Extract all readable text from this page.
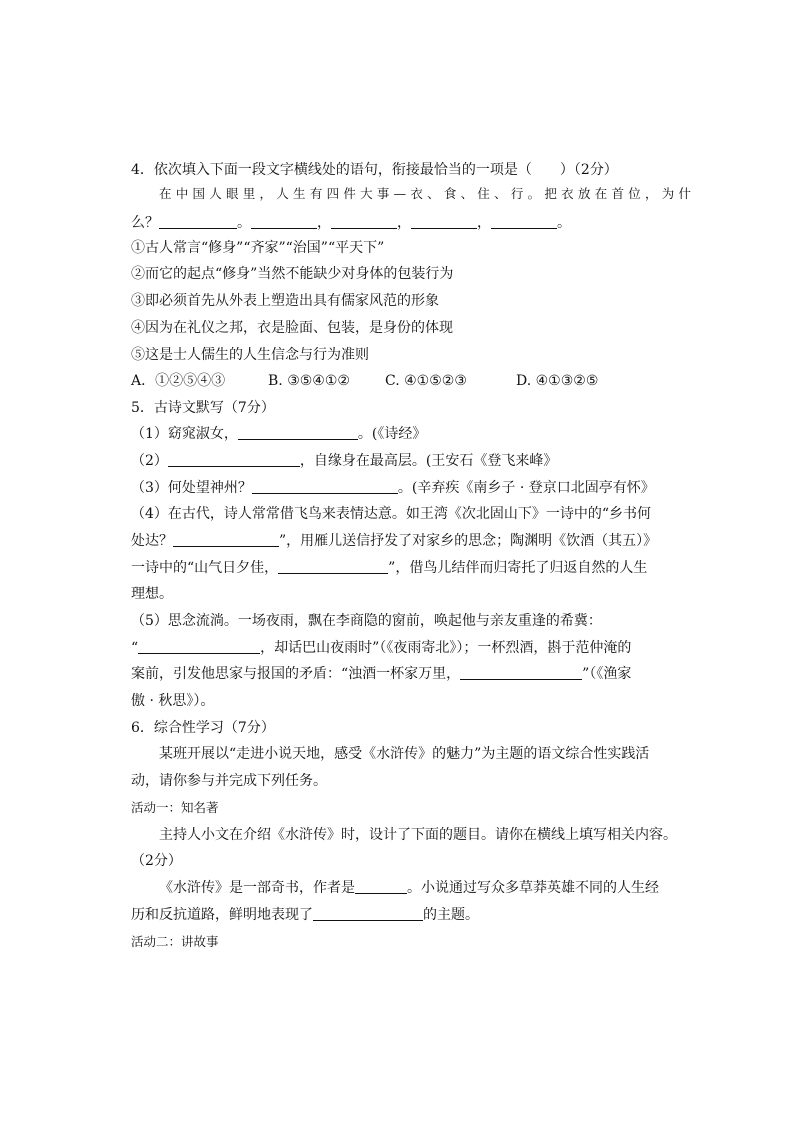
4．依次填入下面一段文字横线处的语句，衔接最恰当的一项是（　　）（2分）
在中国人眼里，人生有四件大事—衣、食、住、行。把衣放在首位，为什
么？	。	，	，	，	。
①古人常言“修身”“齐家”“治国”“平天下”
②而它的起点“修身”当然不能缺少对身体的包装行为
③即必须首先从外表上塑造出具有儒家风范的形象
④因为在礼仪之邦，衣是脸面、包装，是身份的体现
⑤这是士人儒生的人生信念与行为准则
A．①②⑤④③	B. ③⑤④①②	C. ④①⑤②③	D. ④①③②⑤
5．古诗文默写（7分）
（1）窈窕淑女，	。(《诗经》
（2）	，自缘身在最高层。(王安石《登飞来峰》
（3）何处望神州？	。(辛弃疾《南乡子 · 登京口北固亭有怀》
（4）在古代，诗人常常借飞鸟来表情达意。如王湾《次北固山下》一诗中的“乡书何
处达？	”，用雁儿送信抒发了对家乡的思念；陶渊明《饮酒（其五）》
一诗中的“山气日夕佳，	”，借鸟儿结伴而归寄托了归返自然的人生
理想。
（5）思念流淌。一场夜雨，飘在李商隐的窗前，唤起他与亲友重逢的希冀：
“	，却话巴山夜雨时”（《夜雨寄北》）；一杯烈酒，斟于范仲淹的
案前，引发他思家与报国的矛盾：“浊酒一杯家万里，	”（《渔家
傲 · 秋思》）。
6．综合性学习（7分）
某班开展以“走进小说天地，感受《水浒传》的魅力”为主题的语文综合性实践活
动，请你参与并完成下列任务。
活动一：知名著
主持人小文在介绍《水浒传》时，设计了下面的题目。请你在横线上填写相关内容。
（2分）
《水浒传》是一部奇书，作者是	。小说通过写众多草莽英雄不同的人生经
历和反抗道路，鲜明地表现了	的主题。
活动二：讲故事
